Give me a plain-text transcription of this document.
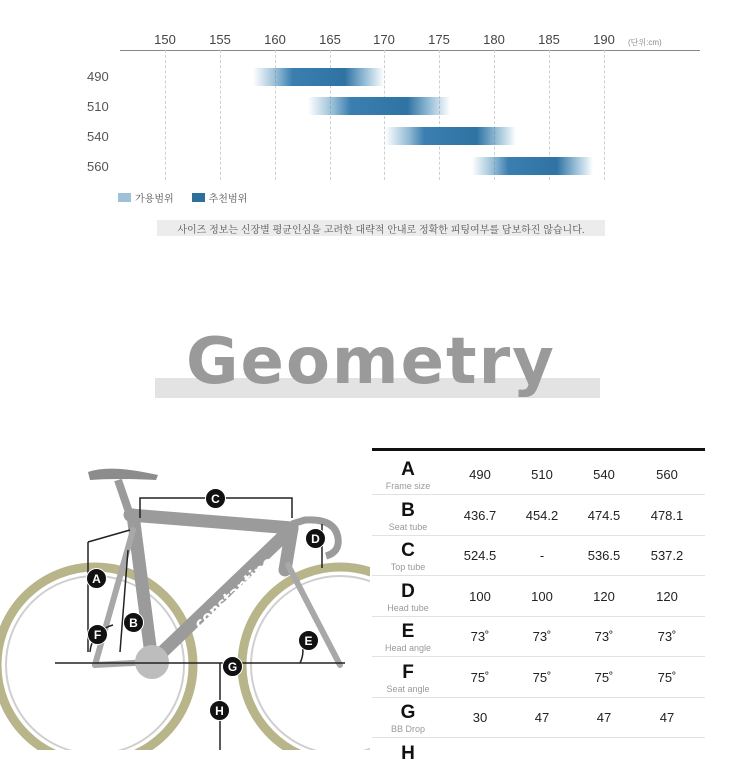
150	155	160	165 170	175	180	185	190 (단위:cm)
490
510
540
560
가용범위	추천범위
사이즈 정보는 신장별 평균인심을 고려한 대략적 안내로 정확한 피팅여부를 담보하진 않습니다.
Geometry
constantine
C
D
A
B
F	E
G
H
A
Frame size
490	510	540	560
B
Seat tube
436.7 454.2 474.5 478.1
C
Top tube
524.5	-	536.5 537.2
D
Head tube
100	100	120	120
E
Head angle
73˚	73˚	73˚	73˚
F
Seat angle
75˚	75˚	75˚	75˚
G
BB Drop
30	47	47	47
H
